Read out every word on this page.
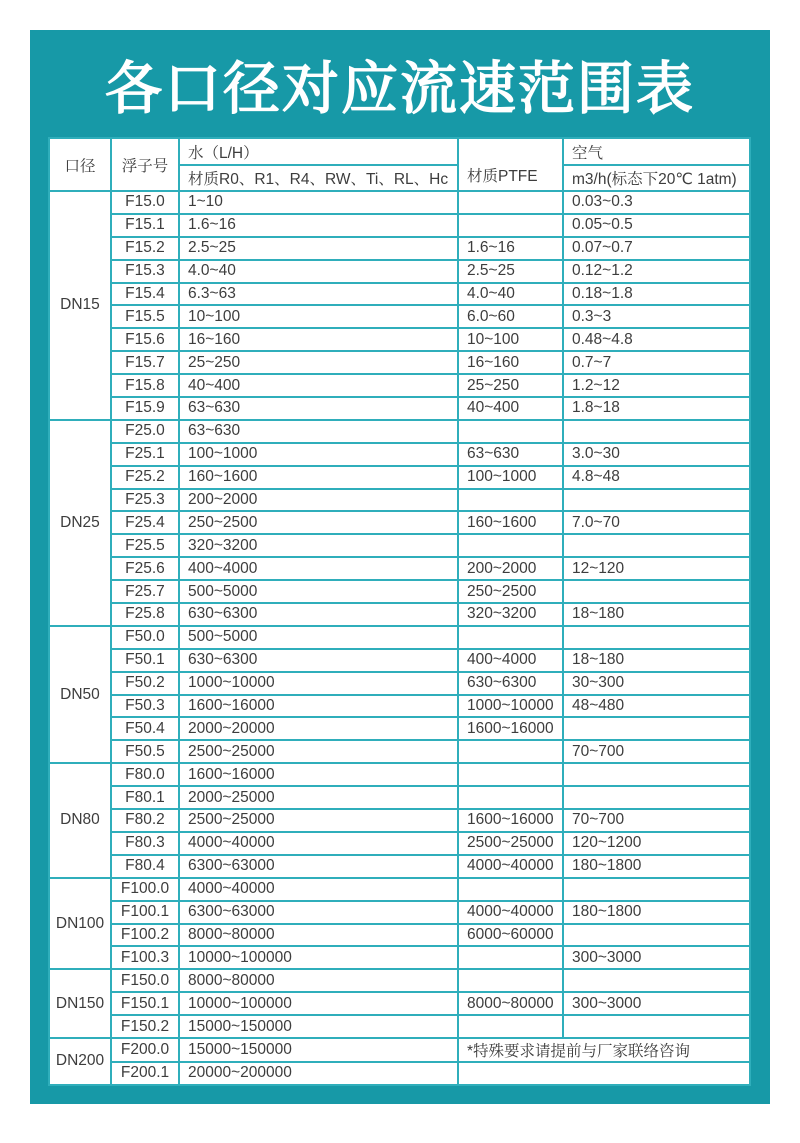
各口径对应流速范围表
口径	浮子号	水（L/H）	材质PTFE	空气
		材质R0、R1、R4、RW、Ti、RL、Hc		m3/h(标态下20℃ 1atm)
DN15	F15.0	1~10		0.03~0.3
	F15.1	1.6~16		0.05~0.5
	F15.2	2.5~25	1.6~16	0.07~0.7
	F15.3	4.0~40	2.5~25	0.12~1.2
	F15.4	6.3~63	4.0~40	0.18~1.8
	F15.5	10~100	6.0~60	0.3~3
	F15.6	16~160	10~100	0.48~4.8
	F15.7	25~250	16~160	0.7~7
	F15.8	40~400	25~250	1.2~12
	F15.9	63~630	40~400	1.8~18
DN25	F25.0	63~630		
	F25.1	100~1000	63~630	3.0~30
	F25.2	160~1600	100~1000	4.8~48
	F25.3	200~2000		
	F25.4	250~2500	160~1600	7.0~70
	F25.5	320~3200		
	F25.6	400~4000	200~2000	12~120
	F25.7	500~5000	250~2500	
	F25.8	630~6300	320~3200	18~180
DN50	F50.0	500~5000		
	F50.1	630~6300	400~4000	18~180
	F50.2	1000~10000	630~6300	30~300
	F50.3	1600~16000	1000~10000	48~480
	F50.4	2000~20000	1600~16000	
	F50.5	2500~25000		70~700
DN80	F80.0	1600~16000		
	F80.1	2000~25000		
	F80.2	2500~25000	1600~16000	70~700
	F80.3	4000~40000	2500~25000	120~1200
	F80.4	6300~63000	4000~40000	180~1800
DN100	F100.0	4000~40000		
	F100.1	6300~63000	4000~40000	180~1800
	F100.2	8000~80000	6000~60000	
	F100.3	10000~100000		300~3000
DN150	F150.0	8000~80000		
	F150.1	10000~100000	8000~80000	300~3000
	F150.2	15000~150000		
DN200	F200.0	15000~150000	*特殊要求请提前与厂家联络咨询	
	F200.1	20000~200000		
